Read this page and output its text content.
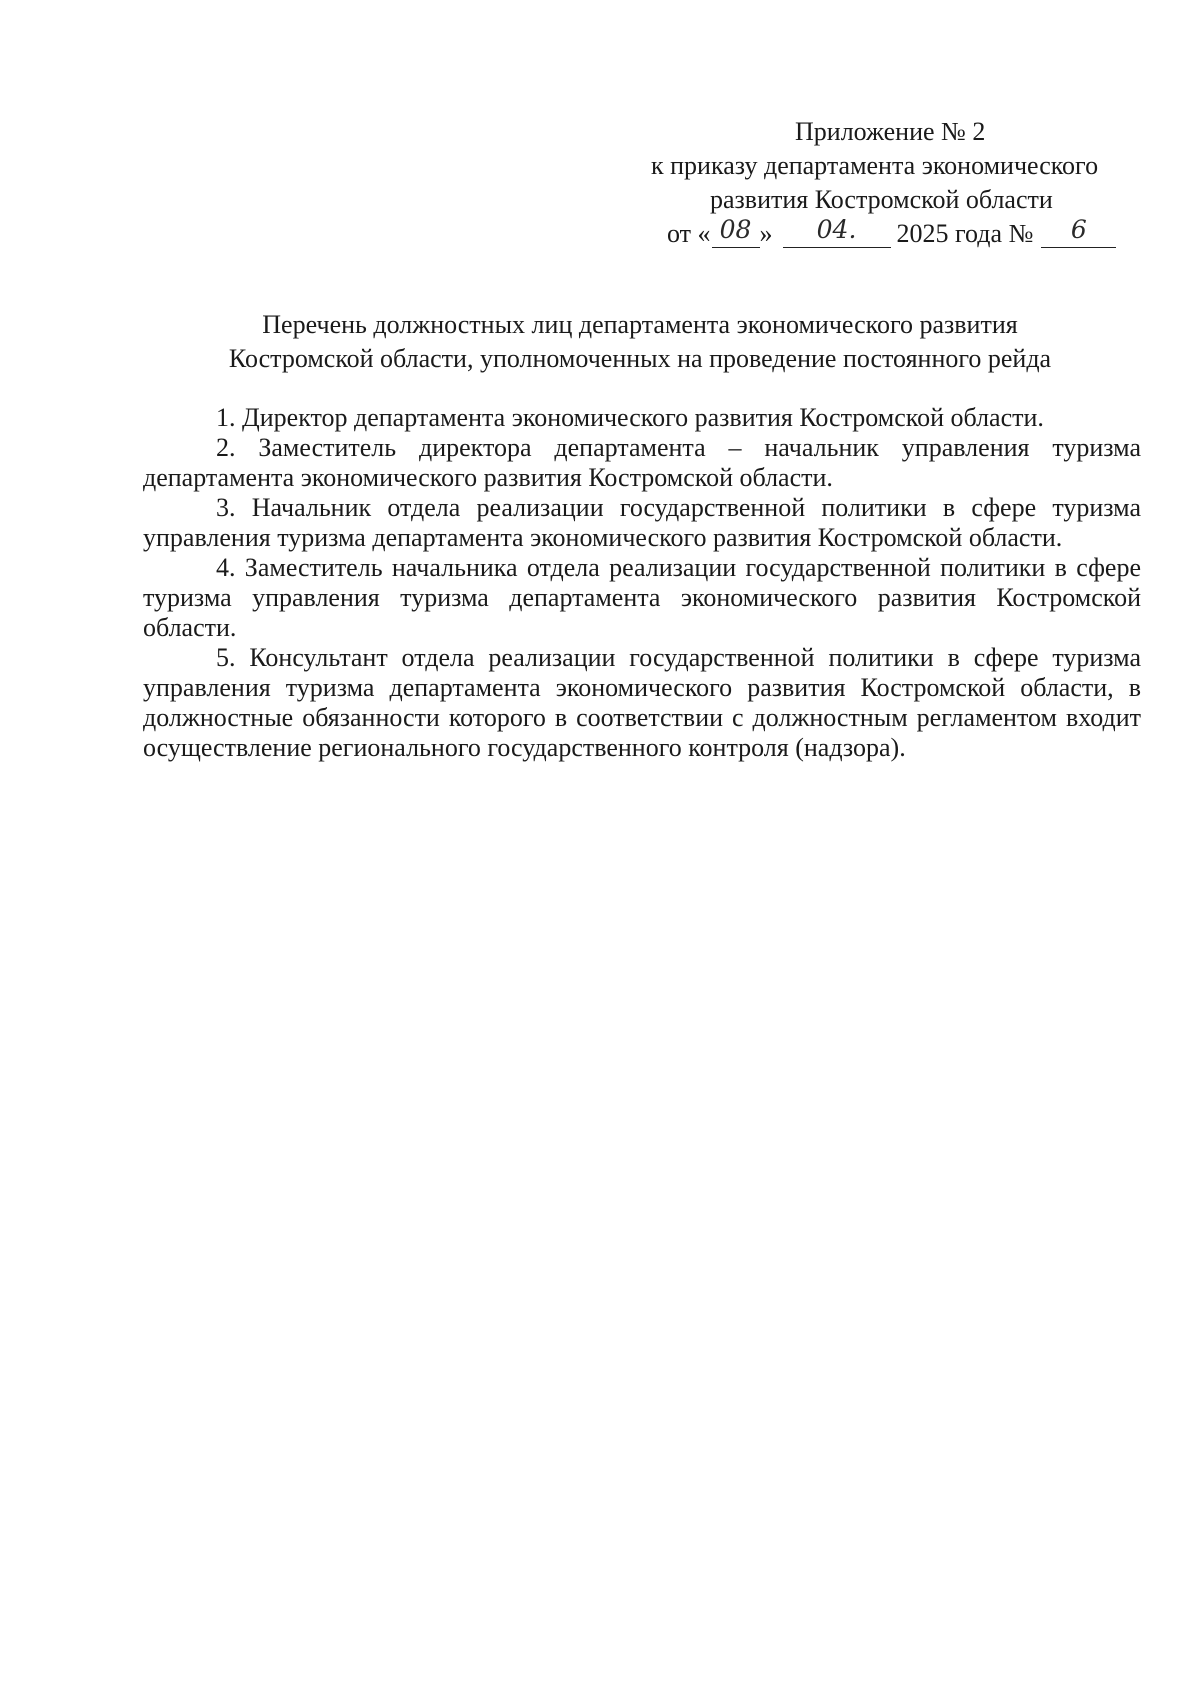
Приложение № 2
к приказу департамента экономического
развития Костромской области
от « 08 » 04. 2025 года № 6
Перечень должностных лиц департамента экономического развития
Костромской области, уполномоченных на проведение постоянного рейда

1. Директор департамента экономического развития Костромской области.

2. Заместитель директора департамента – начальник управления туризма департамента экономического развития Костромской области.

3. Начальник отдела реализации государственной политики в сфере туризма управления туризма департамента экономического развития Костромской области.

4. Заместитель начальника отдела реализации государственной политики в сфере туризма управления туризма департамента экономического развития Костромской области.

5. Консультант отдела реализации государственной политики в сфере туризма управления туризма департамента экономического развития Костромской области, в должностные обязанности которого в соответствии с должностным регламентом входит осуществление регионального государственного контроля (надзора).
